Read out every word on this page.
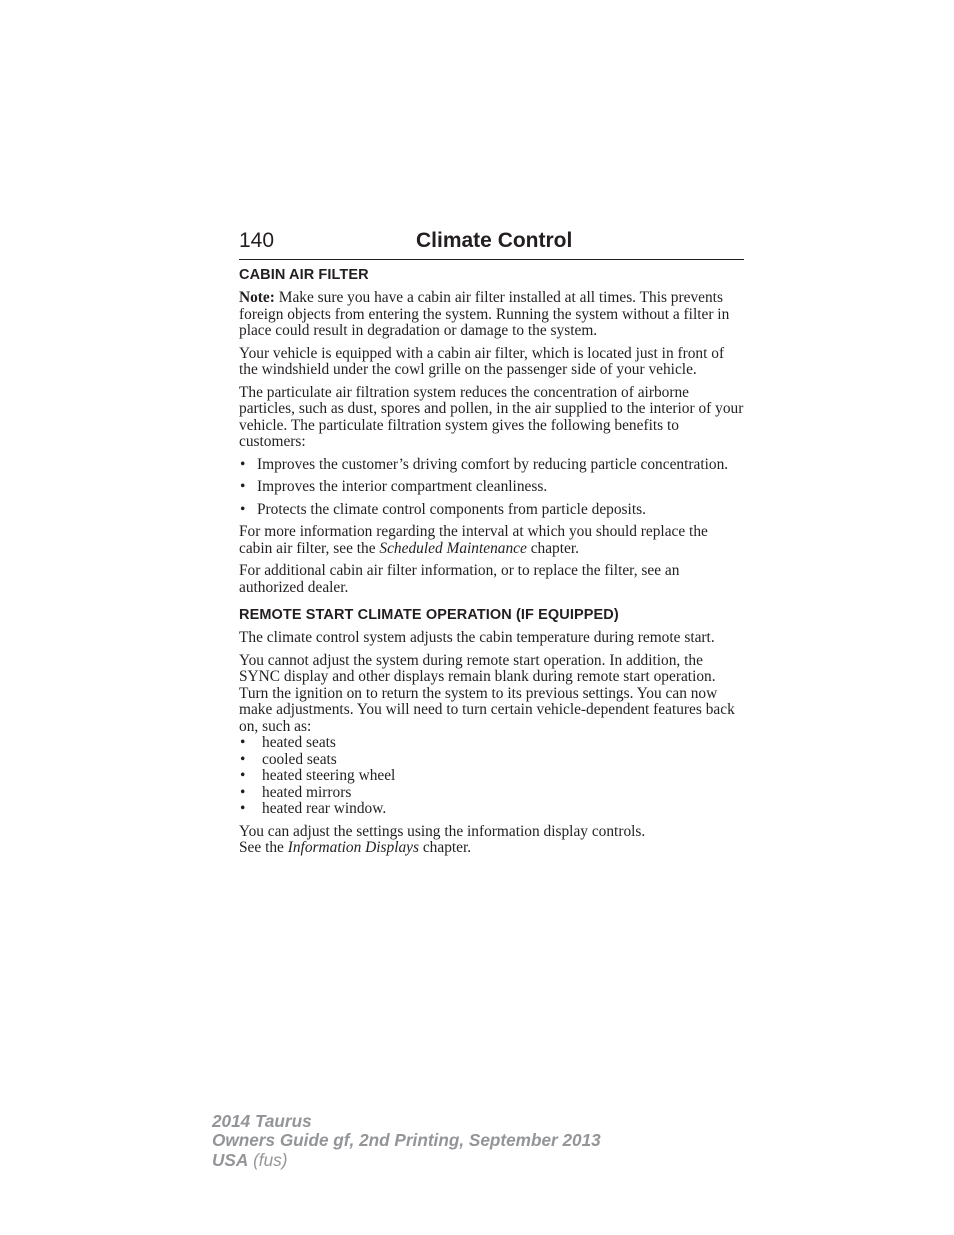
140	Climate Control
CABIN AIR FILTER

Note: Make sure you have a cabin air filter installed at all times. This prevents foreign objects from entering the system. Running the system without a filter in place could result in degradation or damage to the system.

Your vehicle is equipped with a cabin air filter, which is located just in front of the windshield under the cowl grille on the passenger side of your vehicle.

The particulate air filtration system reduces the concentration of airborne particles, such as dust, spores and pollen, in the air supplied to the interior of your vehicle. The particulate filtration system gives the following benefits to customers:

• Improves the customer’s driving comfort by reducing particle concentration.
• Improves the interior compartment cleanliness.
• Protects the climate control components from particle deposits.

For more information regarding the interval at which you should replace the cabin air filter, see the Scheduled Maintenance chapter.

For additional cabin air filter information, or to replace the filter, see an authorized dealer.

REMOTE START CLIMATE OPERATION (IF EQUIPPED)

The climate control system adjusts the cabin temperature during remote start.

You cannot adjust the system during remote start operation. In addition, the SYNC display and other displays remain blank during remote start operation. Turn the ignition on to return the system to its previous settings. You can now make adjustments. You will need to turn certain vehicle-dependent features back on, such as:

• heated seats
• cooled seats
• heated steering wheel
• heated mirrors
• heated rear window.

You can adjust the settings using the information display controls.
See the Information Displays chapter.

2014 Taurus
Owners Guide gf, 2nd Printing, September 2013
USA (fus)
